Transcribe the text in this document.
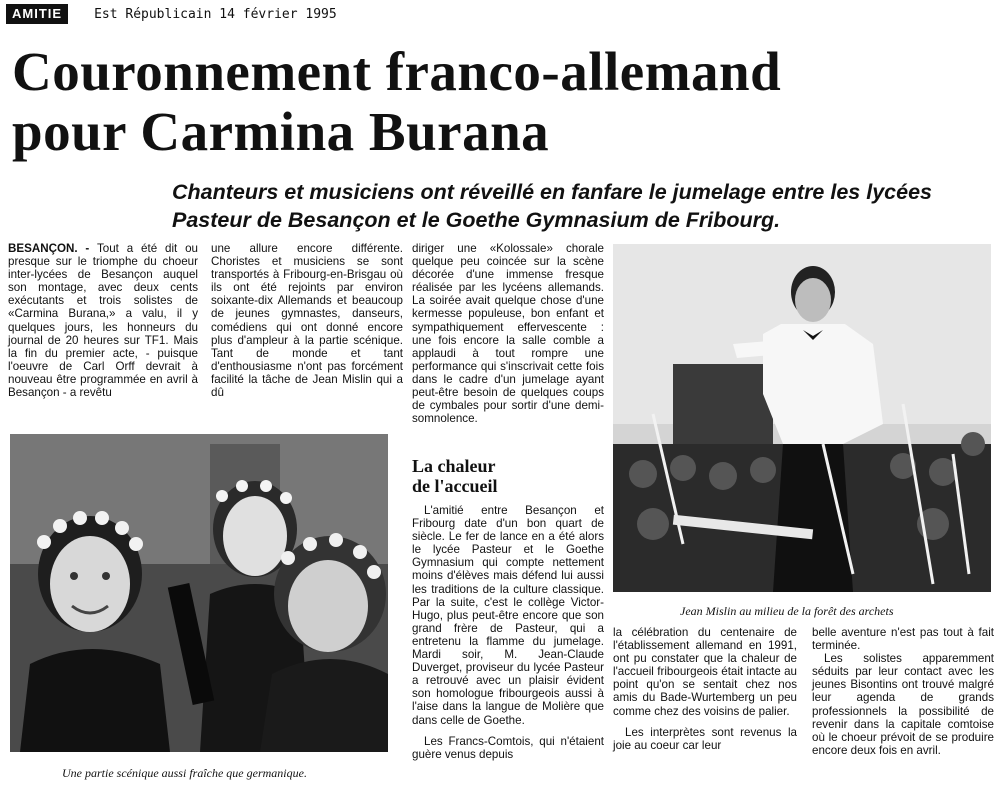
AMITIE	Est Républicain 14 février 1995
Couronnement franco-allemand
pour Carmina Burana
Chanteurs et musiciens ont réveillé en fanfare le jumelage entre les lycées
Pasteur de Besançon et le Goethe Gymnasium de Fribourg.

BESANÇON. - Tout a été dit ou presque sur le triomphe du choeur inter-lycées de Besançon auquel son montage, avec deux cents exécutants et trois solistes de «Carmina Burana,» a valu, il y quelques jours, les honneurs du journal de 20 heures sur TF1. Mais la fin du premier acte, - puisque l'oeuvre de Carl Orff devrait à nouveau être programmée en avril à Besançon - a revêtu

une allure encore différente. Choristes et musiciens se sont transportés à Fribourg-en-Brisgau où ils ont été rejoints par environ soixante-dix Allemands et beaucoup de jeunes gymnastes, danseurs, comédiens qui ont donné encore plus d'ampleur à la partie scénique. Tant de monde et tant d'enthousiasme n'ont pas forcément facilité la tâche de Jean Mislin qui a dû

diriger une «Kolossale» chorale quelque peu coincée sur la scène décorée d'une immense fresque réalisée par les lycéens allemands. La soirée avait quelque chose d'une kermesse populeuse, bon enfant et sympathiquement effervescente : une fois encore la salle comble a applaudi à tout rompre une performance qui s'inscrivait cette fois dans le cadre d'un jumelage ayant peut-être besoin de quelques coups de cymbales pour sortir d'une demi-somnolence.

La chaleur
de l'accueil

L'amitié entre Besançon et Fribourg date d'un bon quart de siècle. Le fer de lance en a été alors le lycée Pasteur et le Goethe Gymnasium qui compte nettement moins d'élèves mais défend lui aussi les traditions de la culture classique. Par la suite, c'est le collège Victor-Hugo, plus peut-être encore que son grand frère de Pasteur, qui a entretenu la flamme du jumelage. Mardi soir, M. Jean-Claude Duverget, proviseur du lycée Pasteur a retrouvé avec un plaisir évident son homologue fribourgeois aussi à l'aise dans la langue de Molière que dans celle de Goethe.

Les Francs-Comtois, qui n'étaient guère venus depuis

la célébration du centenaire de l'établissement allemand en 1991, ont pu constater que la chaleur de l'accueil fribourgeois était intacte au point qu'on se sentait chez nos amis du Bade-Wurtemberg un peu comme chez des voisins de palier.

Les interprètes sont revenus la joie au coeur car leur

belle aventure n'est pas tout à fait terminée.

Les solistes apparemment séduits par leur contact avec les jeunes Bisontins ont trouvé malgré leur agenda de grands professionnels la possibilité de revenir dans la capitale comtoise où le choeur prévoit de se produire encore deux fois en avril.

Une partie scénique aussi fraîche que germanique.
Jean Mislin au milieu de la forêt des archets
